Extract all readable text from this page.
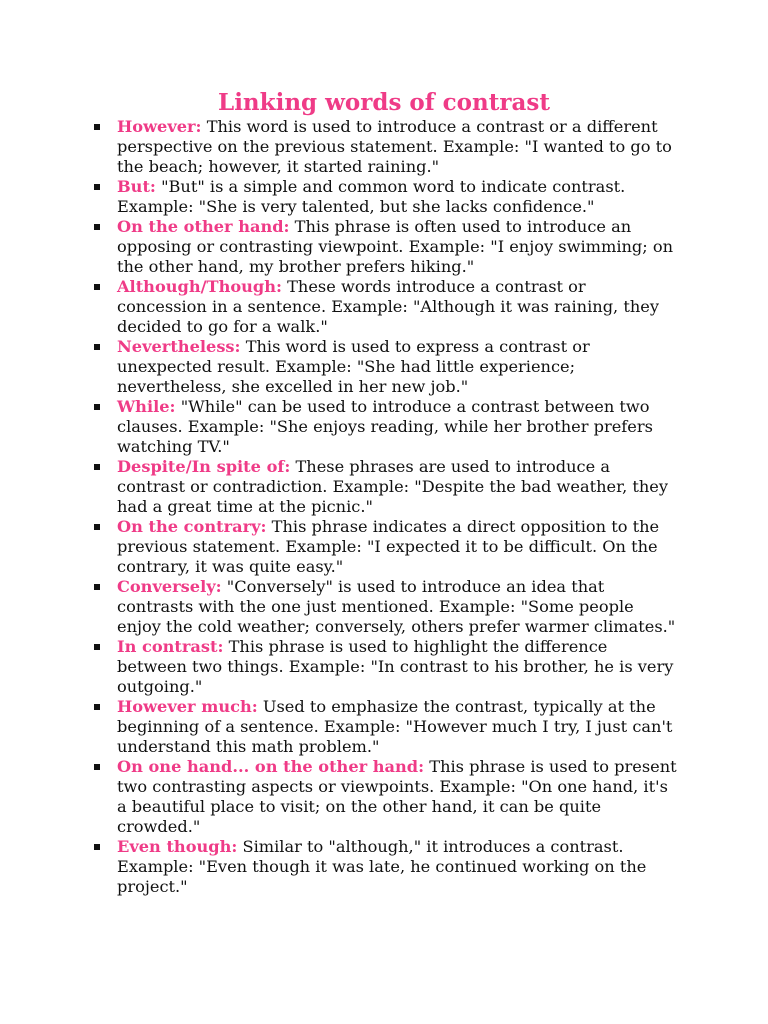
Linking words of contrast
However: This word is used to introduce a contrast or a different perspective on the previous statement. Example: "I wanted to go to the beach; however, it started raining."
But: "But" is a simple and common word to indicate contrast. Example: "She is very talented, but she lacks confidence."
On the other hand: This phrase is often used to introduce an opposing or contrasting viewpoint. Example: "I enjoy swimming; on the other hand, my brother prefers hiking."
Although/Though: These words introduce a contrast or concession in a sentence. Example: "Although it was raining, they decided to go for a walk."
Nevertheless: This word is used to express a contrast or unexpected result. Example: "She had little experience; nevertheless, she excelled in her new job."
While: "While" can be used to introduce a contrast between two clauses. Example: "She enjoys reading, while her brother prefers watching TV."
Despite/In spite of: These phrases are used to introduce a contrast or contradiction. Example: "Despite the bad weather, they had a great time at the picnic."
On the contrary: This phrase indicates a direct opposition to the previous statement. Example: "I expected it to be difficult. On the contrary, it was quite easy."
Conversely: "Conversely" is used to introduce an idea that contrasts with the one just mentioned. Example: "Some people enjoy the cold weather; conversely, others prefer warmer climates."
In contrast: This phrase is used to highlight the difference between two things. Example: "In contrast to his brother, he is very outgoing."
However much: Used to emphasize the contrast, typically at the beginning of a sentence. Example: "However much I try, I just can't understand this math problem."
On one hand... on the other hand: This phrase is used to present two contrasting aspects or viewpoints. Example: "On one hand, it's a beautiful place to visit; on the other hand, it can be quite crowded."
Even though: Similar to "although," it introduces a contrast. Example: "Even though it was late, he continued working on the project."
